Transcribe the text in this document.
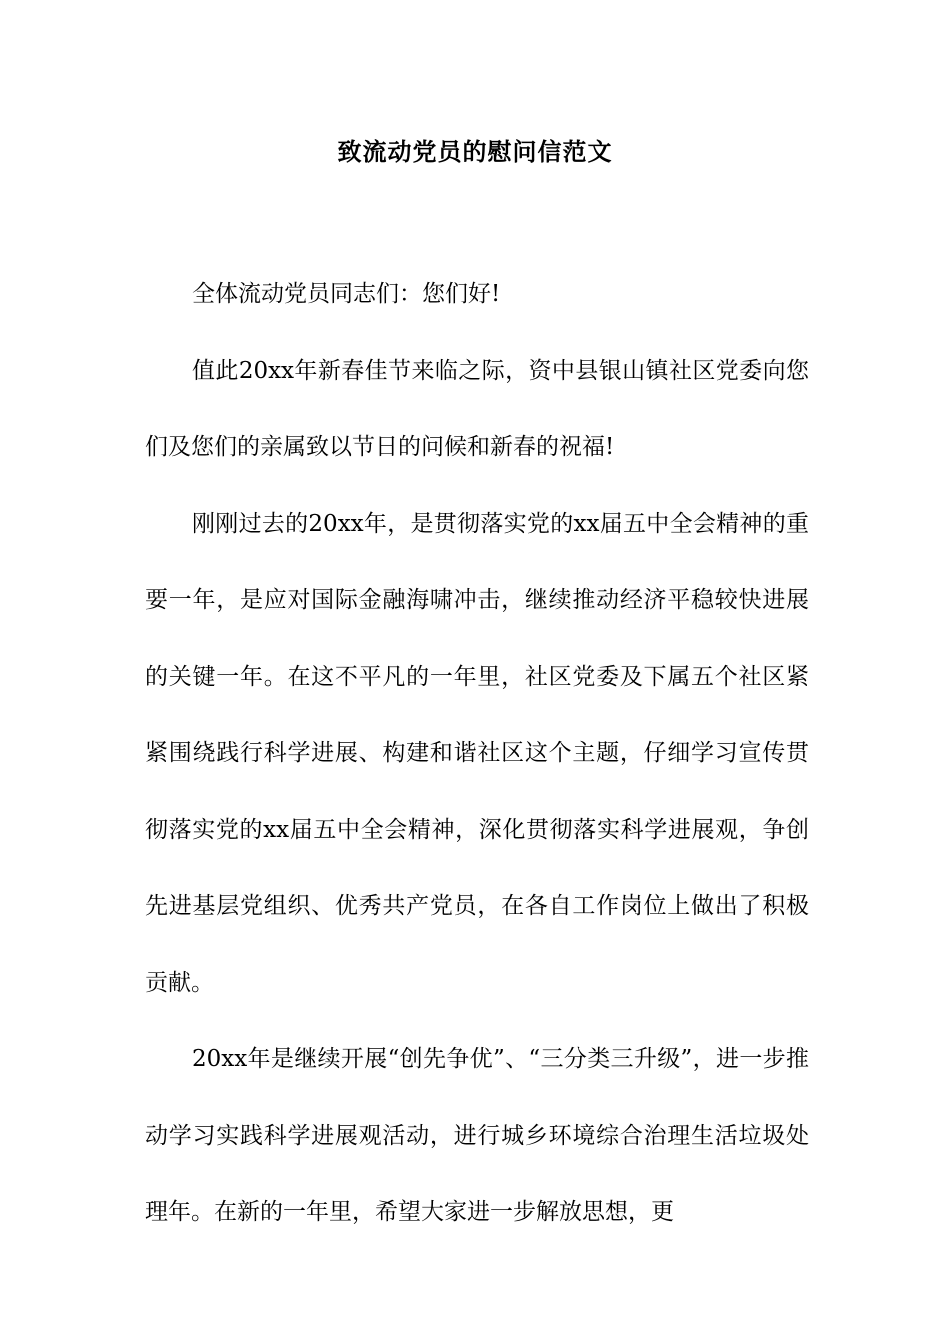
致流动党员的慰问信范文

全体流动党员同志们：您们好!

值此20xx年新春佳节来临之际，资中县银山镇社区党委向您们及您们的亲属致以节日的问候和新春的祝福!

刚刚过去的20xx年，是贯彻落实党的xx届五中全会精神的重要一年，是应对国际金融海啸冲击，继续推动经济平稳较快进展的关键一年。在这不平凡的一年里，社区党委及下属五个社区紧紧围绕践行科学进展、构建和谐社区这个主题，仔细学习宣传贯彻落实党的xx届五中全会精神，深化贯彻落实科学进展观，争创先进基层党组织、优秀共产党员，在各自工作岗位上做出了积极贡献。

20xx年是继续开展“创先争优”、“三分类三升级”，进一步推动学习实践科学进展观活动，进行城乡环境综合治理生活垃圾处理年。在新的一年里，希望大家进一步解放思想，更
